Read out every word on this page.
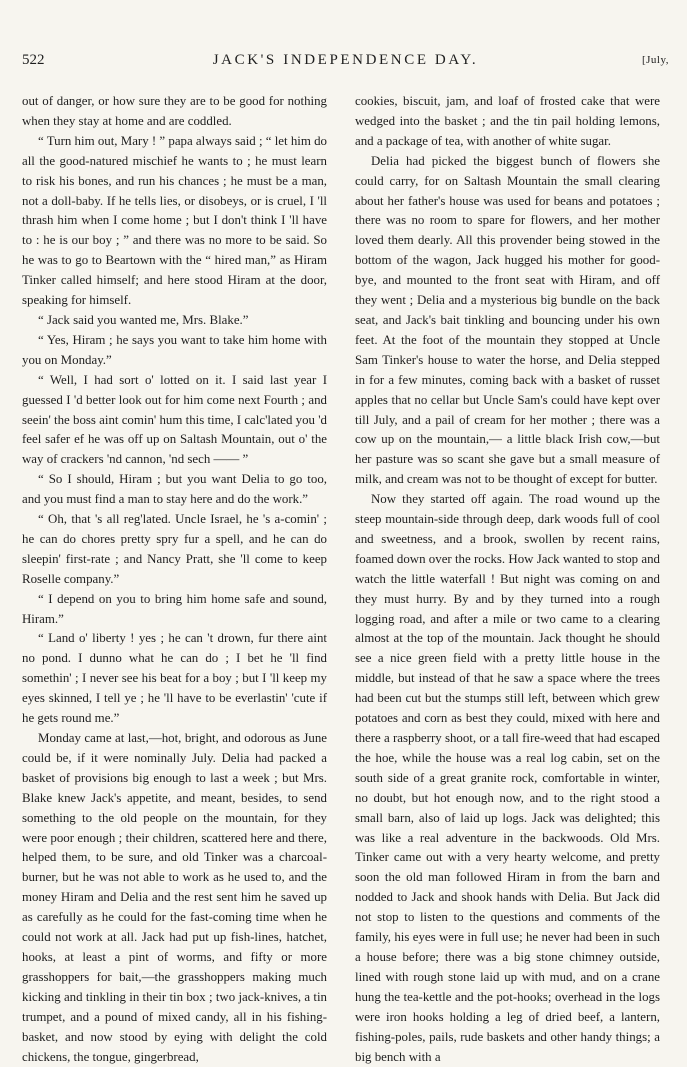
522	JACK'S INDEPENDENCE DAY.	[July,

out of danger, or how sure they are to be good for nothing when they stay at home and are coddled.

“ Turn him out, Mary ! ” papa always said ; “ let him do all the good-natured mischief he wants to ; he must learn to risk his bones, and run his chances ; he must be a man, not a doll-baby. If he tells lies, or disobeys, or is cruel, I 'll thrash him when I come home ; but I don't think I 'll have to : he is our boy ; ” and there was no more to be said. So he was to go to Beartown with the “ hired man,” as Hiram Tinker called himself; and here stood Hiram at the door, speaking for himself.

“ Jack said you wanted me, Mrs. Blake.”

“ Yes, Hiram ; he says you want to take him home with you on Monday.”

“ Well, I had sort o' lotted on it. I said last year I guessed I 'd better look out for him come next Fourth ; and seein' the boss aint comin' hum this time, I calc'lated you 'd feel safer ef he was off up on Saltash Mountain, out o' the way of crackers 'nd cannon, 'nd sech —— ”

“ So I should, Hiram ; but you want Delia to go too, and you must find a man to stay here and do the work.”

“ Oh, that 's all reg'lated. Uncle Israel, he 's a-comin' ; he can do chores pretty spry fur a spell, and he can do sleepin' first-rate ; and Nancy Pratt, she 'll come to keep Roselle company.”

“ I depend on you to bring him home safe and sound, Hiram.”

“ Land o' liberty ! yes ; he can 't drown, fur there aint no pond. I dunno what he can do ; I bet he 'll find somethin' ; I never see his beat for a boy ; but I 'll keep my eyes skinned, I tell ye ; he 'll have to be everlastin' 'cute if he gets round me.”

Monday came at last,—hot, bright, and odorous as June could be, if it were nominally July. Delia had packed a basket of provisions big enough to last a week ; but Mrs. Blake knew Jack's appetite, and meant, besides, to send something to the old people on the mountain, for they were poor enough ; their children, scattered here and there, helped them, to be sure, and old Tinker was a charcoal-burner, but he was not able to work as he used to, and the money Hiram and Delia and the rest sent him he saved up as carefully as he could for the fast-coming time when he could not work at all. Jack had put up fish-lines, hatchet, hooks, at least a pint of worms, and fifty or more grasshoppers for bait,—the grasshoppers making much kicking and tinkling in their tin box ; two jack-knives, a tin trumpet, and a pound of mixed candy, all in his fishing-basket, and now stood by eying with delight the cold chickens, the tongue, gingerbread,

cookies, biscuit, jam, and loaf of frosted cake that were wedged into the basket ; and the tin pail holding lemons, and a package of tea, with another of white sugar.

Delia had picked the biggest bunch of flowers she could carry, for on Saltash Mountain the small clearing about her father's house was used for beans and potatoes ; there was no room to spare for flowers, and her mother loved them dearly. All this provender being stowed in the bottom of the wagon, Jack hugged his mother for good-bye, and mounted to the front seat with Hiram, and off they went ; Delia and a mysterious big bundle on the back seat, and Jack's bait tinkling and bouncing under his own feet. At the foot of the mountain they stopped at Uncle Sam Tinker's house to water the horse, and Delia stepped in for a few minutes, coming back with a basket of russet apples that no cellar but Uncle Sam's could have kept over till July, and a pail of cream for her mother ; there was a cow up on the mountain,— a little black Irish cow,—but her pasture was so scant she gave but a small measure of milk, and cream was not to be thought of except for butter.

Now they started off again. The road wound up the steep mountain-side through deep, dark woods full of cool and sweetness, and a brook, swollen by recent rains, foamed down over the rocks. How Jack wanted to stop and watch the little waterfall ! But night was coming on and they must hurry. By and by they turned into a rough logging road, and after a mile or two came to a clearing almost at the top of the mountain. Jack thought he should see a nice green field with a pretty little house in the middle, but instead of that he saw a space where the trees had been cut but the stumps still left, between which grew potatoes and corn as best they could, mixed with here and there a raspberry shoot, or a tall fire-weed that had escaped the hoe, while the house was a real log cabin, set on the south side of a great granite rock, comfortable in winter, no doubt, but hot enough now, and to the right stood a small barn, also of laid up logs. Jack was delighted; this was like a real adventure in the backwoods. Old Mrs. Tinker came out with a very hearty welcome, and pretty soon the old man followed Hiram in from the barn and nodded to Jack and shook hands with Delia. But Jack did not stop to listen to the questions and comments of the family, his eyes were in full use; he never had been in such a house before; there was a big stone chimney outside, lined with rough stone laid up with mud, and on a crane hung the tea-kettle and the pot-hooks; overhead in the logs were iron hooks holding a leg of dried beef, a lantern, fishing-poles, pails, rude baskets and other handy things; a big bench with a
